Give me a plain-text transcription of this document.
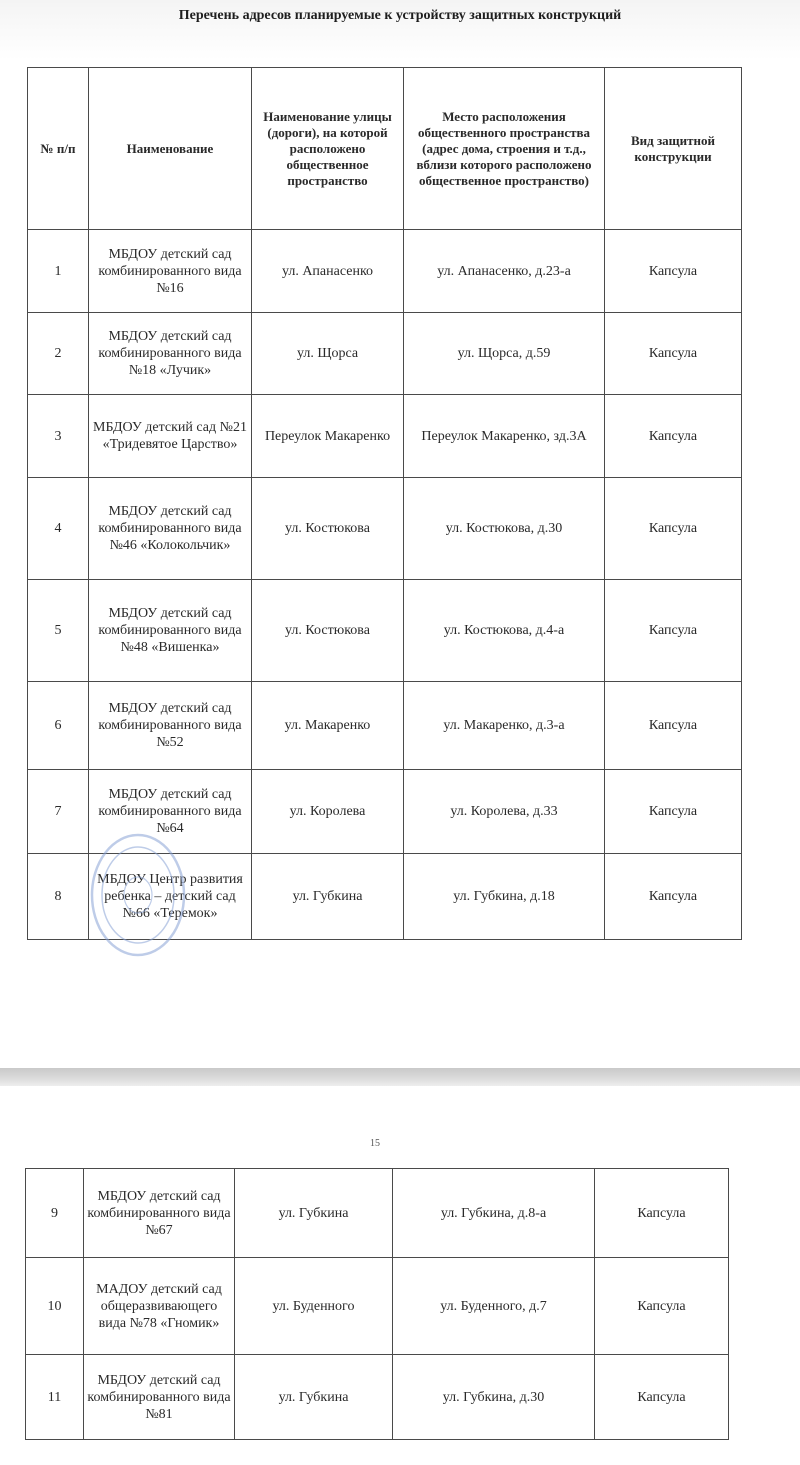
Перечень адресов планируемые к устройству защитных конструкций
№ п/п	Наименование	Наименование улицы (дороги), на которой расположено общественное пространство	Место расположения общественного пространства (адрес дома, строения и т.д., вблизи которого расположено общественное пространство)	Вид защитной конструкции
1	МБДОУ детский сад комбинированного вида №16	ул. Апанасенко	ул. Апанасенко, д.23-а	Капсула
2	МБДОУ детский сад комбинированного вида №18 «Лучик»	ул. Щорса	ул. Щорса, д.59	Капсула
3	МБДОУ детский сад №21 «Тридевятое Царство»	Переулок Макаренко	Переулок Макаренко, зд.3А	Капсула
4	МБДОУ детский сад комбинированного вида №46 «Колокольчик»	ул. Костюкова	ул. Костюкова, д.30	Капсула
5	МБДОУ детский сад комбинированного вида №48 «Вишенка»	ул. Костюкова	ул. Костюкова, д.4-а	Капсула
6	МБДОУ детский сад комбинированного вида №52	ул. Макаренко	ул. Макаренко, д.3-а	Капсула
7	МБДОУ детский сад комбинированного вида №64	ул. Королева	ул. Королева, д.33	Капсула
8	МБДОУ Центр развития ребенка – детский сад №66 «Теремок»	ул. Губкина	ул. Губкина, д.18	Капсула
15
9	МБДОУ детский сад комбинированного вида №67	ул. Губкина	ул. Губкина, д.8-а	Капсула
10	МАДОУ детский сад общеразвивающего вида №78 «Гномик»	ул. Буденного	ул. Буденного, д.7	Капсула
11	МБДОУ детский сад комбинированного вида №81	ул. Губкина	ул. Губкина, д.30	Капсула
